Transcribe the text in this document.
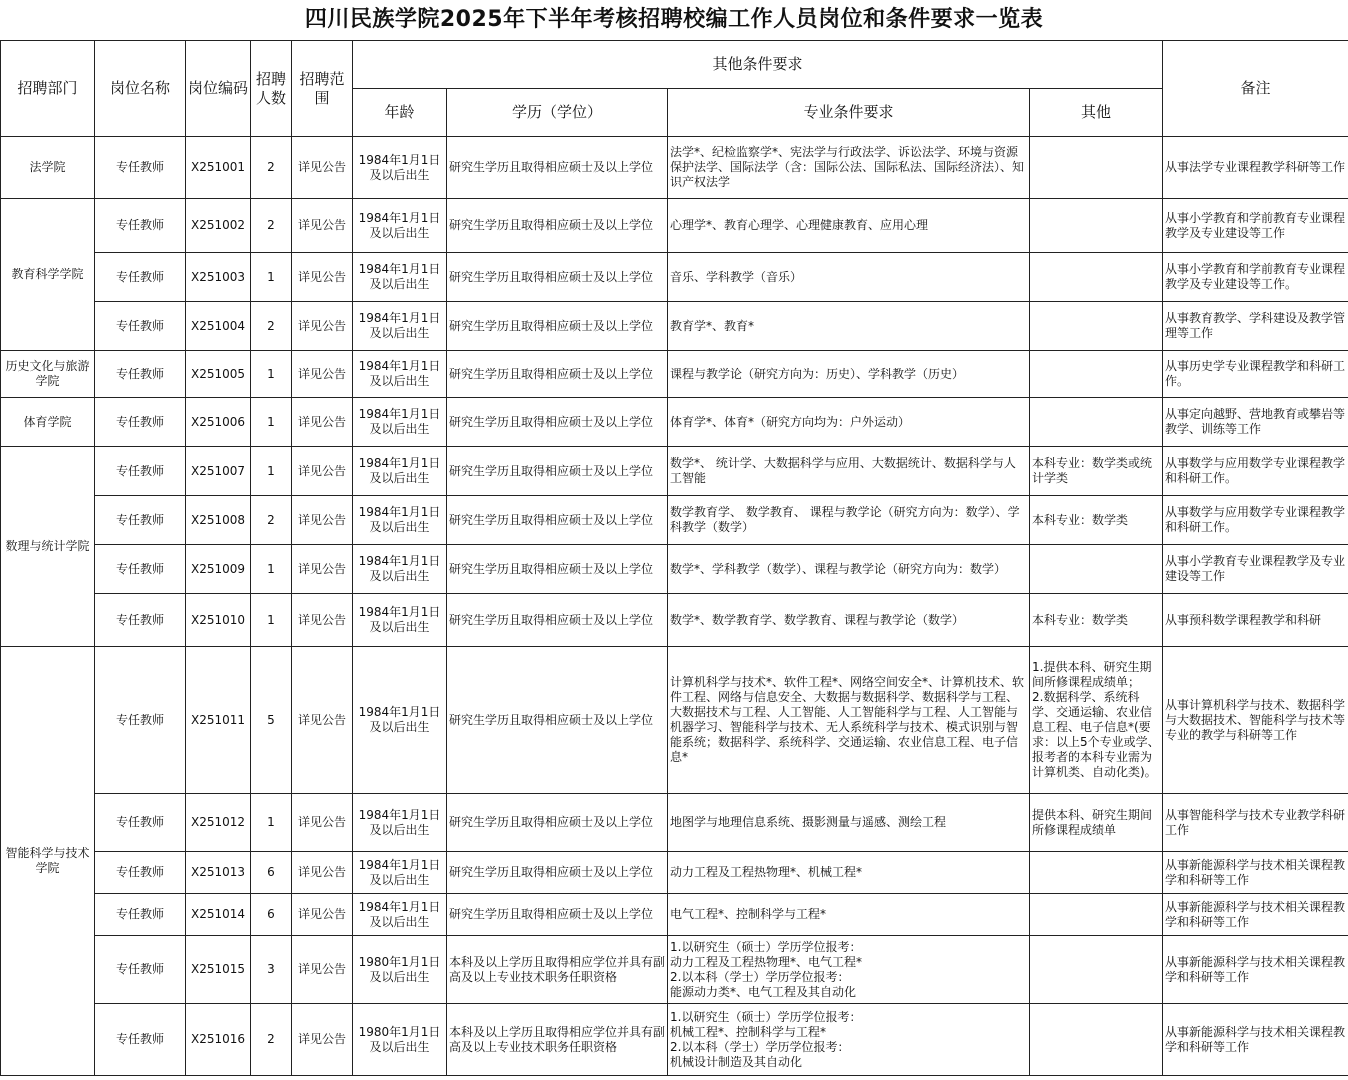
四川民族学院2025年下半年考核招聘校编工作人员岗位和条件要求一览表
招聘部门	岗位名称	岗位编码	招聘人数	招聘范围	其他条件要求				备注
					年龄	学历（学位）	专业条件要求	其他	
法学院	专任教师	X251001	2	详见公告	1984年1月1日及以后出生	研究生学历且取得相应硕士及以上学位	法学*、纪检监察学*、宪法学与行政法学、诉讼法学、环境与资源保护法学、国际法学（含：国际公法、国际私法、国际经济法）、知识产权法学		从事法学专业课程教学科研等工作
教育科学学院	专任教师	X251002	2	详见公告	1984年1月1日及以后出生	研究生学历且取得相应硕士及以上学位	心理学*、教育心理学、心理健康教育、应用心理		从事小学教育和学前教育专业课程教学及专业建设等工作
	专任教师	X251003	1	详见公告	1984年1月1日及以后出生	研究生学历且取得相应硕士及以上学位	音乐、学科教学（音乐）		从事小学教育和学前教育专业课程教学及专业建设等工作。
	专任教师	X251004	2	详见公告	1984年1月1日及以后出生	研究生学历且取得相应硕士及以上学位	教育学*、教育*		从事教育教学、学科建设及教学管理等工作
历史文化与旅游学院	专任教师	X251005	1	详见公告	1984年1月1日及以后出生	研究生学历且取得相应硕士及以上学位	课程与教学论（研究方向为：历史）、学科教学（历史）		从事历史学专业课程教学和科研工作。
体育学院	专任教师	X251006	1	详见公告	1984年1月1日及以后出生	研究生学历且取得相应硕士及以上学位	体育学*、体育*（研究方向均为：户外运动）		从事定向越野、营地教育或攀岩等教学、训练等工作
数理与统计学院	专任教师	X251007	1	详见公告	1984年1月1日及以后出生	研究生学历且取得相应硕士及以上学位	数学*、 统计学、大数据科学与应用、大数据统计、数据科学与人工智能	本科专业：数学类或统计学类	从事数学与应用数学专业课程教学和科研工作。
	专任教师	X251008	2	详见公告	1984年1月1日及以后出生	研究生学历且取得相应硕士及以上学位	数学教育学、 数学教育、 课程与教学论（研究方向为：数学）、学科教学（数学）	本科专业：数学类	从事数学与应用数学专业课程教学和科研工作。
	专任教师	X251009	1	详见公告	1984年1月1日及以后出生	研究生学历且取得相应硕士及以上学位	数学*、学科教学（数学）、课程与教学论（研究方向为：数学）		从事小学教育专业课程教学及专业建设等工作
	专任教师	X251010	1	详见公告	1984年1月1日及以后出生	研究生学历且取得相应硕士及以上学位	数学*、数学教育学、数学教育、课程与教学论（数学）	本科专业：数学类	从事预科数学课程教学和科研
智能科学与技术学院	专任教师	X251011	5	详见公告	1984年1月1日及以后出生	研究生学历且取得相应硕士及以上学位	计算机科学与技术*、软件工程*、网络空间安全*、计算机技术、软件工程、网络与信息安全、大数据与数据科学、数据科学与工程、大数据技术与工程、人工智能、人工智能科学与工程、人工智能与机器学习、智能科学与技术、无人系统科学与技术、模式识别与智能系统；数据科学、系统科学、交通运输、农业信息工程、电子信息*	1.提供本科、研究生期间所修课程成绩单；
2.数据科学、系统科学、交通运输、农业信息工程、电子信息*(要求：以上5个专业或学、报考者的本科专业需为计算机类、自动化类)。	从事计算机科学与技术、数据科学与大数据技术、智能科学与技术等专业的教学与科研等工作
	专任教师	X251012	1	详见公告	1984年1月1日及以后出生	研究生学历且取得相应硕士及以上学位	地图学与地理信息系统、摄影测量与遥感、测绘工程	提供本科、研究生期间所修课程成绩单	从事智能科学与技术专业教学科研工作
	专任教师	X251013	6	详见公告	1984年1月1日及以后出生	研究生学历且取得相应硕士及以上学位	动力工程及工程热物理*、机械工程*		从事新能源科学与技术相关课程教学和科研等工作
	专任教师	X251014	6	详见公告	1984年1月1日及以后出生	研究生学历且取得相应硕士及以上学位	电气工程*、控制科学与工程*		从事新能源科学与技术相关课程教学和科研等工作
	专任教师	X251015	3	详见公告	1980年1月1日及以后出生	本科及以上学历且取得相应学位并具有副高及以上专业技术职务任职资格	1.以研究生（硕士）学历学位报考：
动力工程及工程热物理*、电气工程*
2.以本科（学士）学历学位报考：
能源动力类*、电气工程及其自动化		从事新能源科学与技术相关课程教学和科研等工作
	专任教师	X251016	2	详见公告	1980年1月1日及以后出生	本科及以上学历且取得相应学位并具有副高及以上专业技术职务任职资格	1.以研究生（硕士）学历学位报考：
机械工程*、控制科学与工程*
2.以本科（学士）学历学位报考：
机械设计制造及其自动化		从事新能源科学与技术相关课程教学和科研等工作
